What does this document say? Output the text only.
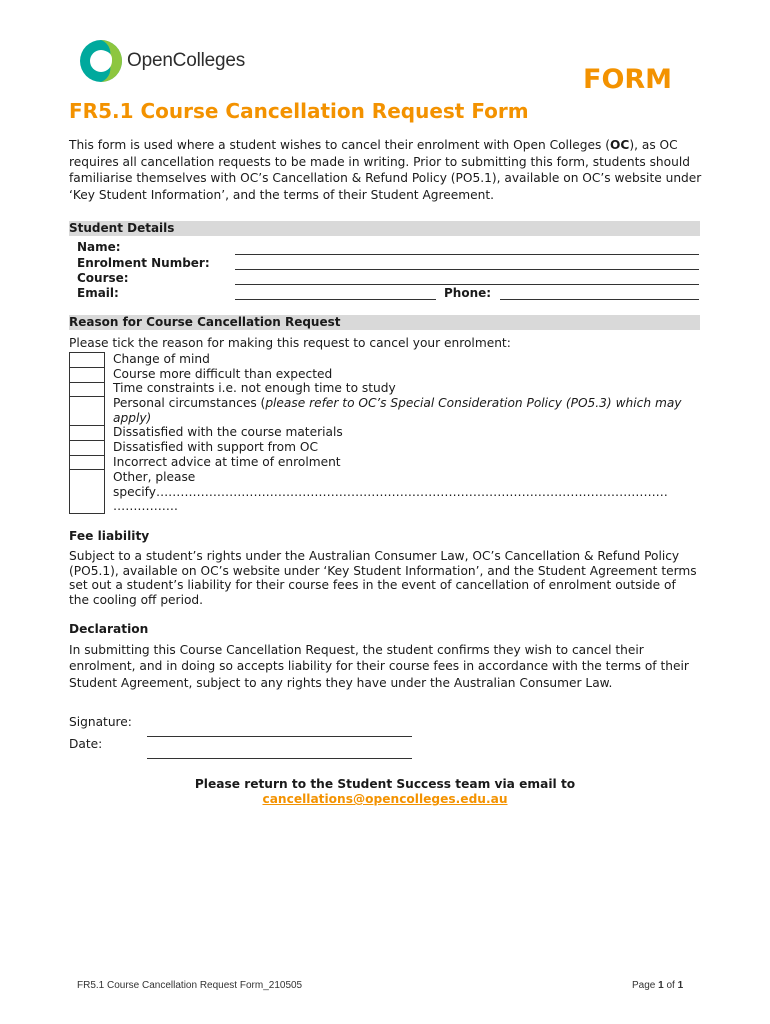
OpenColleges
FORM
FR5.1 Course Cancellation Request Form
This form is used where a student wishes to cancel their enrolment with Open Colleges (OC), as OC requires all cancellation requests to be made in writing. Prior to submitting this form, students should familiarise themselves with OC’s Cancellation & Refund Policy (PO5.1), available on OC’s website under ‘Key Student Information’, and the terms of their Student Agreement.
Student Details
Name:
Enrolment Number:
Course:
Email:	Phone:
Reason for Course Cancellation Request
Please tick the reason for making this request to cancel your enrolment:
Change of mind
Course more difficult than expected
Time constraints i.e. not enough time to study
Personal circumstances (please refer to OC’s Special Consideration Policy (PO5.3) which may apply)
Dissatisfied with the course materials
Dissatisfied with support from OC
Incorrect advice at time of enrolment
Other, please
specify………………………………………………………………………………………………………………
…………….
Fee liability
Subject to a student’s rights under the Australian Consumer Law, OC’s Cancellation & Refund Policy (PO5.1), available on OC’s website under ‘Key Student Information’, and the Student Agreement terms set out a student’s liability for their course fees in the event of cancellation of enrolment outside of the cooling off period.
Declaration
In submitting this Course Cancellation Request, the student confirms they wish to cancel their enrolment, and in doing so accepts liability for their course fees in accordance with the terms of their Student Agreement, subject to any rights they have under the Australian Consumer Law.
Signature:
Date:
Please return to the Student Success team via email to
cancellations@opencolleges.edu.au
FR5.1 Course Cancellation Request Form_210505	Page 1 of 1
